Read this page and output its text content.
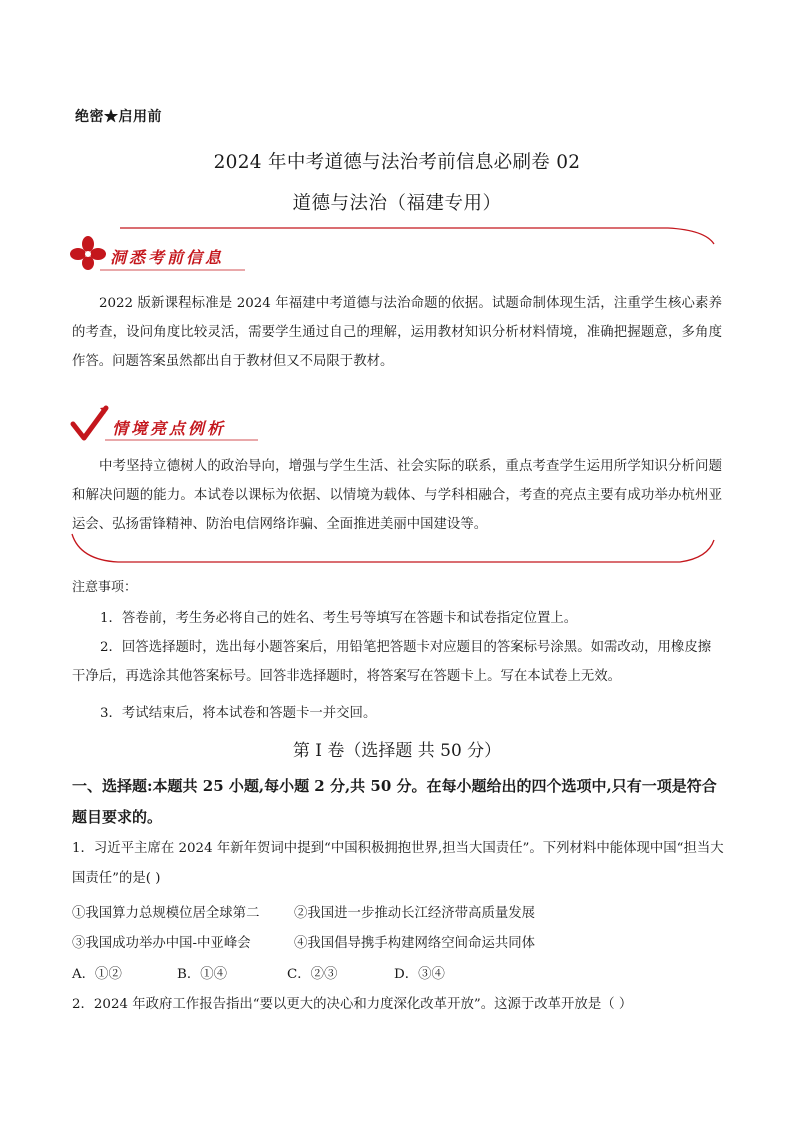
绝密★启用前
2024 年中考道德与法治考前信息必刷卷 02
道德与法治（福建专用）
洞悉考前信息
2022 版新课程标准是 2024 年福建中考道德与法治命题的依据。试题命制体现生活，注重学生核心素养的考查，设问角度比较灵活，需要学生通过自己的理解，运用教材知识分析材料情境，准确把握题意，多角度作答。问题答案虽然都出自于教材但又不局限于教材。
情境亮点例析
中考坚持立德树人的政治导向，增强与学生生活、社会实际的联系，重点考查学生运用所学知识分析问题和解决问题的能力。本试卷以课标为依据、以情境为载体、与学科相融合，考查的亮点主要有成功举办杭州亚运会、弘扬雷锋精神、防治电信网络诈骗、全面推进美丽中国建设等。
注意事项：
1．答卷前，考生务必将自己的姓名、考生号等填写在答题卡和试卷指定位置上。
2．回答选择题时，选出每小题答案后，用铅笔把答题卡对应题目的答案标号涂黑。如需改动，用橡皮擦干净后，再选涂其他答案标号。回答非选择题时，将答案写在答题卡上。写在本试卷上无效。
3．考试结束后，将本试卷和答题卡一并交回。
第 I 卷（选择题 共 50 分）
一、选择题:本题共 25 小题,每小题 2 分,共 50 分。在每小题给出的四个选项中,只有一项是符合题目要求的。
1．习近平主席在 2024 年新年贺词中提到“中国积极拥抱世界,担当大国责任”。下列材料中能体现中国“担当大国责任”的是( )
①我国算力总规模位居全球第二	②我国进一步推动长江经济带高质量发展
③我国成功举办中国-中亚峰会	④我国倡导携手构建网络空间命运共同体
A．①②	B．①④	C．②③	D．③④
2．2024 年政府工作报告指出“要以更大的决心和力度深化改革开放”。这源于改革开放是（ ）
